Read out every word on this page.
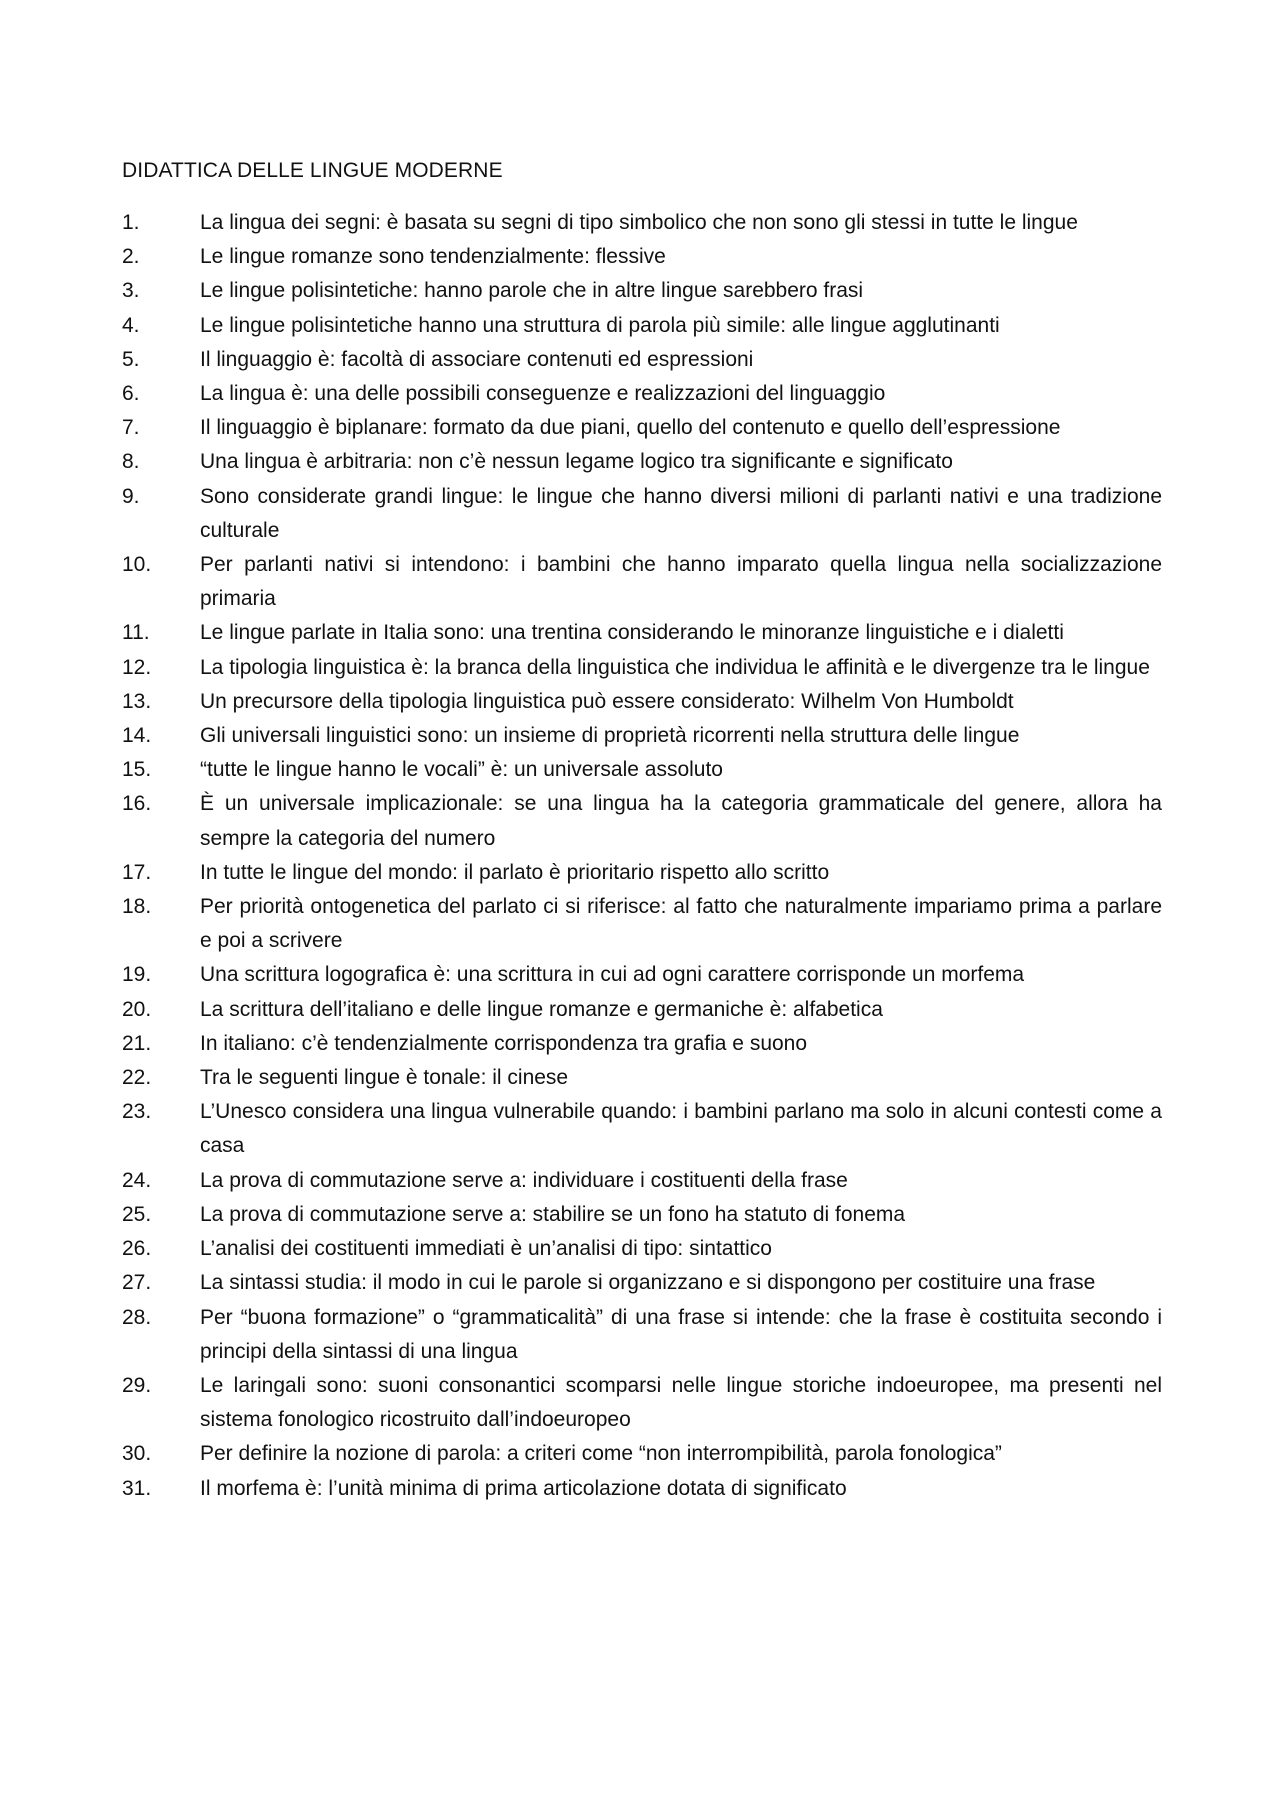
DIDATTICA DELLE LINGUE MODERNE
1.	La lingua dei segni: è basata su segni di tipo simbolico che non sono gli stessi in tutte le lingue
2.	Le lingue romanze sono tendenzialmente: flessive
3.	Le lingue polisintetiche: hanno parole che in altre lingue sarebbero frasi
4.	Le lingue polisintetiche hanno una struttura di parola più simile: alle lingue agglutinanti
5.	Il linguaggio è: facoltà di associare contenuti ed espressioni
6.	La lingua è: una delle possibili conseguenze e realizzazioni del linguaggio
7.	Il linguaggio è biplanare: formato da due piani, quello del contenuto e quello dell’espressione
8.	Una lingua è arbitraria: non c’è nessun legame logico tra significante e significato
9.	Sono considerate grandi lingue: le lingue che hanno diversi milioni di parlanti nativi e una tradizione culturale
10.	Per parlanti nativi si intendono: i bambini che hanno imparato quella lingua nella socializzazione primaria
11.	Le lingue parlate in Italia sono: una trentina considerando le minoranze linguistiche e i dialetti
12.	La tipologia linguistica è: la branca della linguistica che individua le affinità e le divergenze tra le lingue
13.	Un precursore della tipologia linguistica può essere considerato: Wilhelm Von Humboldt
14.	Gli universali linguistici sono: un insieme di proprietà ricorrenti nella struttura delle lingue
15.	“tutte le lingue hanno le vocali” è: un universale assoluto
16.	È un universale implicazionale: se una lingua ha la categoria grammaticale del genere, allora ha sempre la categoria del numero
17.	In tutte le lingue del mondo: il parlato è prioritario rispetto allo scritto
18.	Per priorità ontogenetica del parlato ci si riferisce: al fatto che naturalmente impariamo prima a parlare e poi a scrivere
19.	Una scrittura logografica è: una scrittura in cui ad ogni carattere corrisponde un morfema
20.	La scrittura dell’italiano e delle lingue romanze e germaniche è: alfabetica
21.	In italiano: c’è tendenzialmente corrispondenza tra grafia e suono
22.	Tra le seguenti lingue è tonale: il cinese
23.	L’Unesco considera una lingua vulnerabile quando: i bambini parlano ma solo in alcuni contesti come a casa
24.	La prova di commutazione serve a: individuare i costituenti della frase
25.	La prova di commutazione serve a: stabilire se un fono ha statuto di fonema
26.	L’analisi dei costituenti immediati è un’analisi di tipo: sintattico
27.	La sintassi studia: il modo in cui le parole si organizzano e si dispongono per costituire una frase
28.	Per “buona formazione” o “grammaticalità” di una frase si intende: che la frase è costituita secondo i principi della sintassi di una lingua
29.	Le laringali sono: suoni consonantici scomparsi nelle lingue storiche indoeuropee, ma presenti nel sistema fonologico ricostruito dall’indoeuropeo
30.	Per definire la nozione di parola: a criteri come “non interrompibilità, parola fonologica”
31.	Il morfema è: l’unità minima di prima articolazione dotata di significato
